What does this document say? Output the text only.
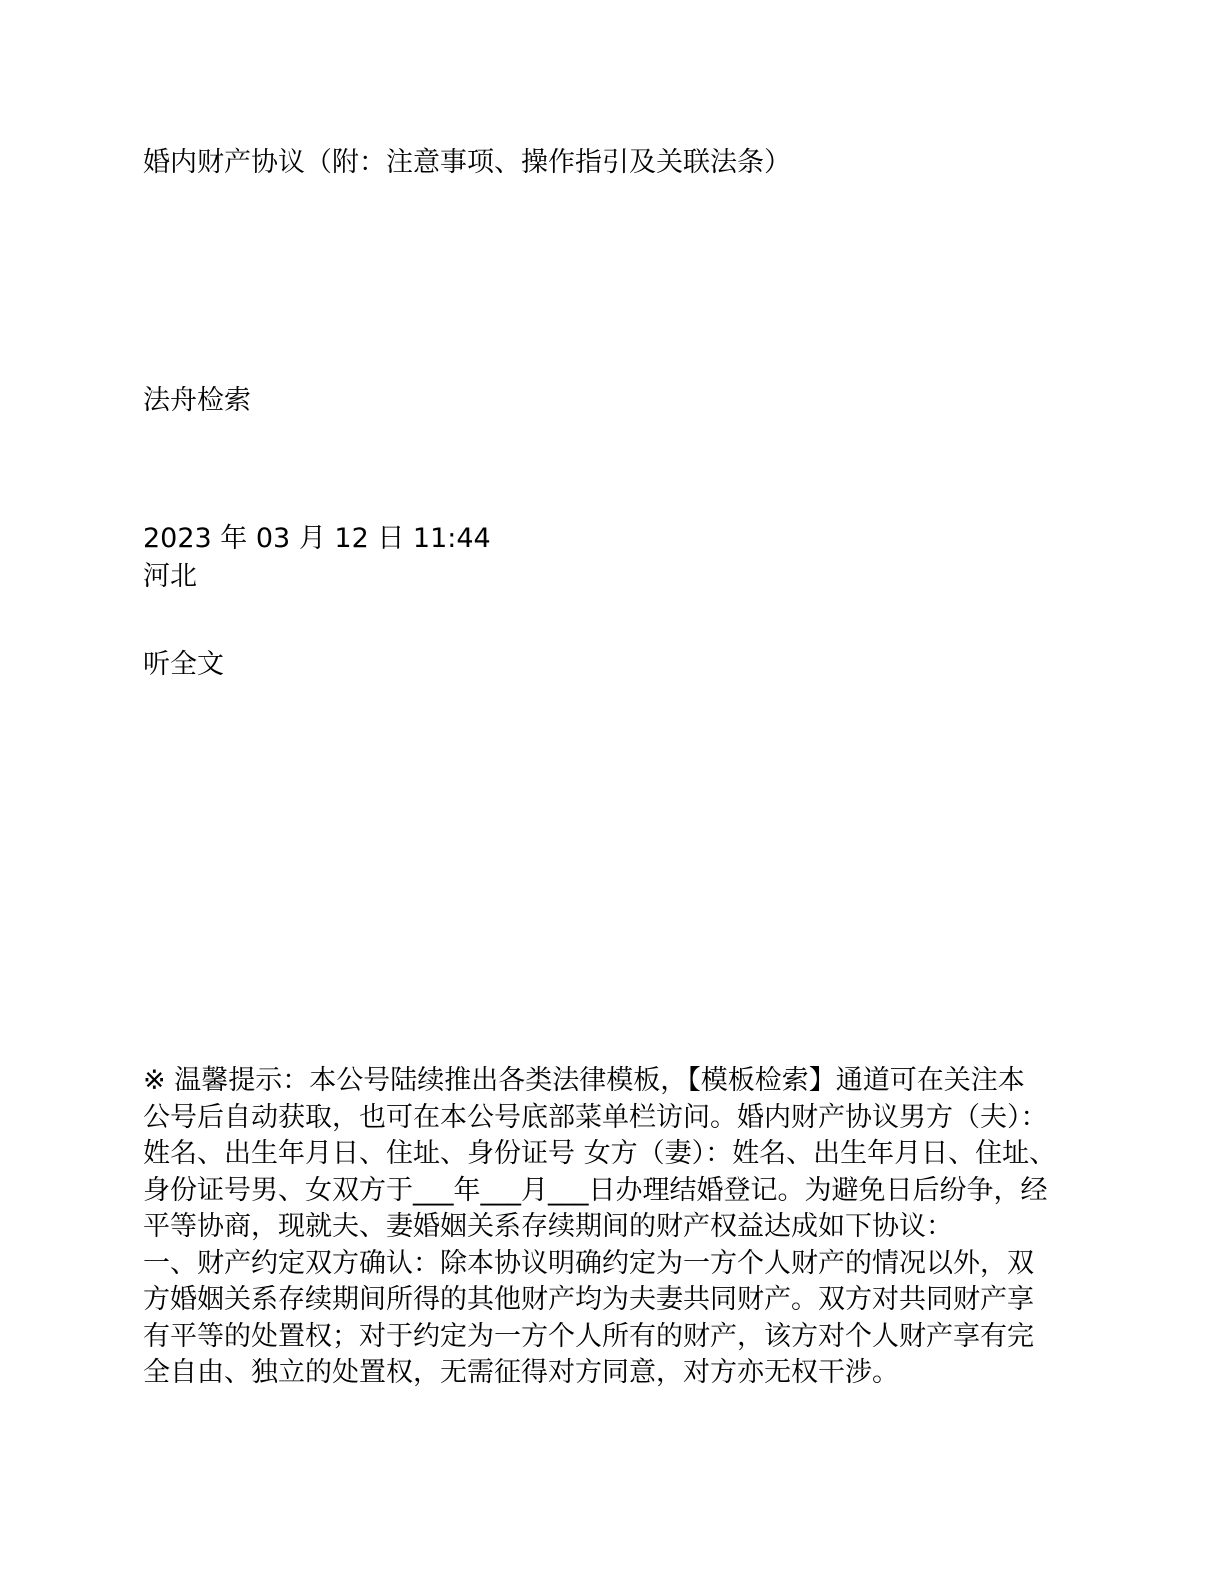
婚内财产协议（附：注意事项、操作指引及关联法条）
法舟检索
2023 年 03 月 12 日 11:44
河北
听全文
※ 温馨提示：本公号陆续推出各类法律模板，【模板检索】通道可在关注本
公号后自动获取，也可在本公号底部菜单栏访问。婚内财产协议男方（夫）：
姓名、出生年月日、住址、身份证号 女方（妻）：姓名、出生年月日、住址、
身份证号男、女双方于___年___月___日办理结婚登记。为避免日后纷争，经
平等协商，现就夫、妻婚姻关系存续期间的财产权益达成如下协议：
一、财产约定双方确认：除本协议明确约定为一方个人财产的情况以外，双
方婚姻关系存续期间所得的其他财产均为夫妻共同财产。双方对共同财产享
有平等的处置权；对于约定为一方个人所有的财产，该方对个人财产享有完
全自由、独立的处置权，无需征得对方同意，对方亦无权干涉。
